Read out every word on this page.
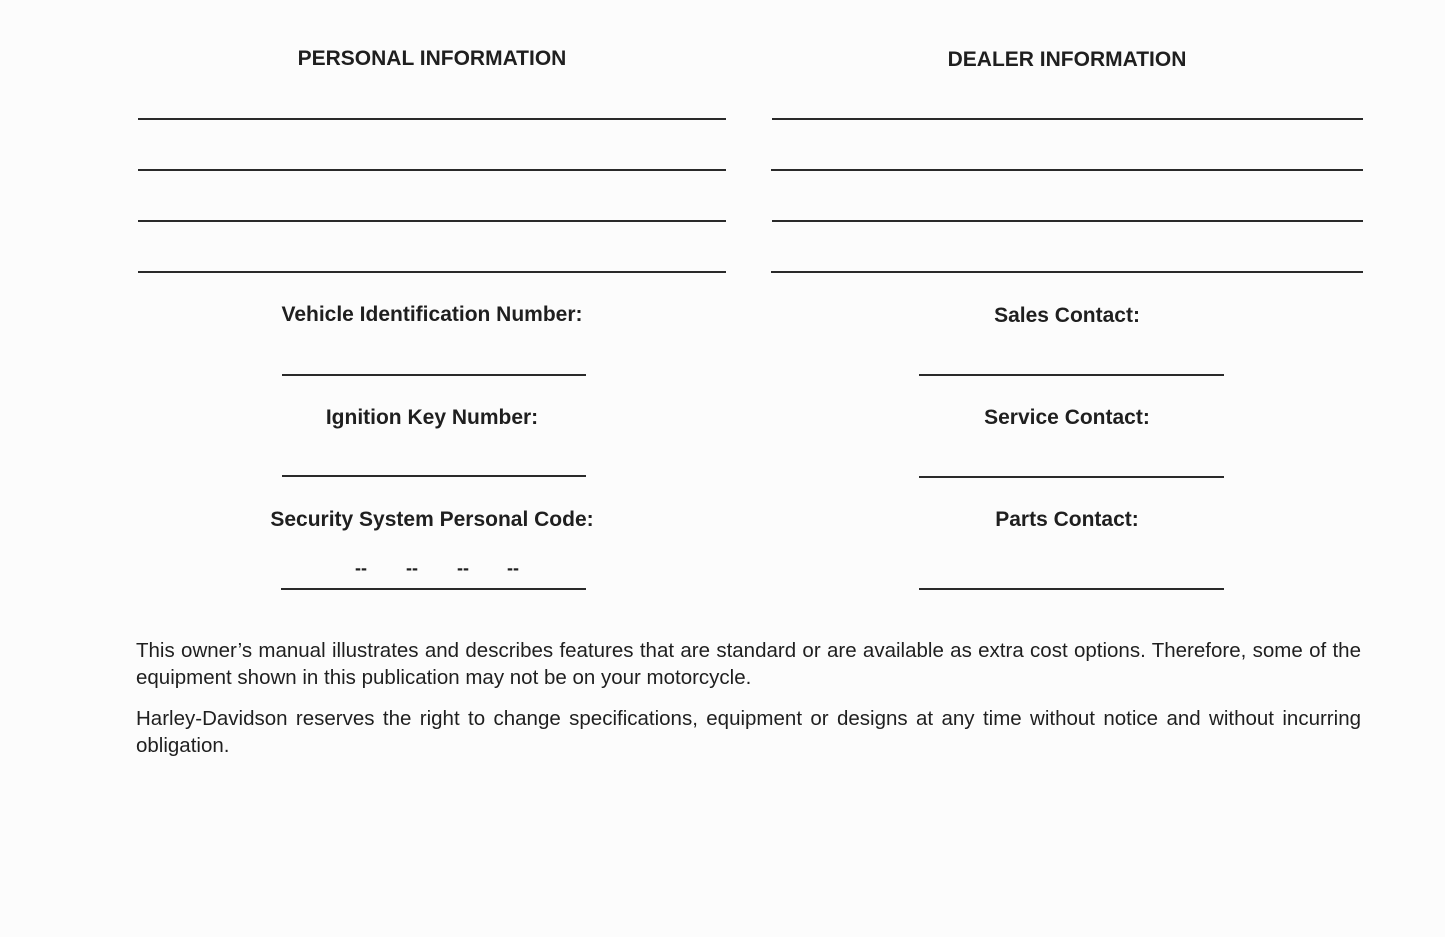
PERSONAL INFORMATION	DEALER INFORMATION
Vehicle Identification Number:
Ignition Key Number:
Security System Personal Code:
-- -- -- --
Sales Contact:
Service Contact:
Parts Contact:
This owner’s manual illustrates and describes features that are standard or are available as extra cost options. Therefore, some of the equipment shown in this publication may not be on your motorcycle.
Harley-Davidson reserves the right to change specifications, equipment or designs at any time without notice and without incurring obligation.
